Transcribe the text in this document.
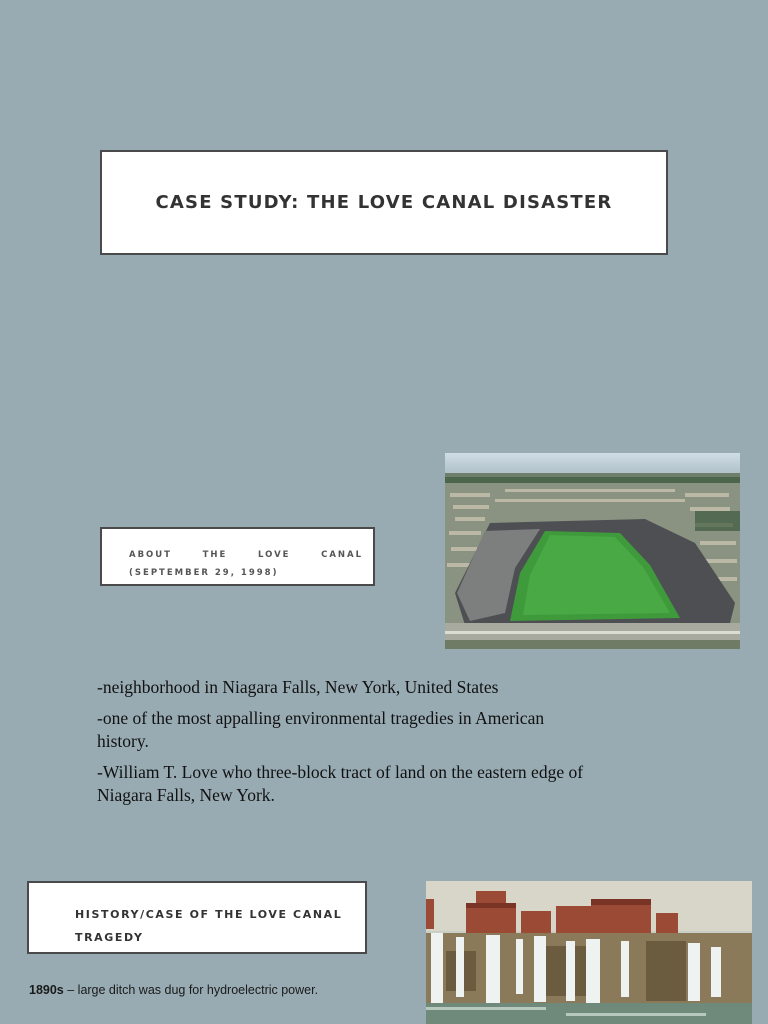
CASE STUDY: THE LOVE CANAL DISASTER
ABOUT THE LOVE CANAL (SEPTEMBER 29, 1998)
-neighborhood in Niagara Falls, New York, United States
-one of the most appalling environmental tragedies in American history.
-William T. Love who three-block tract of land on the eastern edge of Niagara Falls, New York.
HISTORY/CASE OF THE LOVE CANAL TRAGEDY
1890s – large ditch was dug for hydroelectric power.
